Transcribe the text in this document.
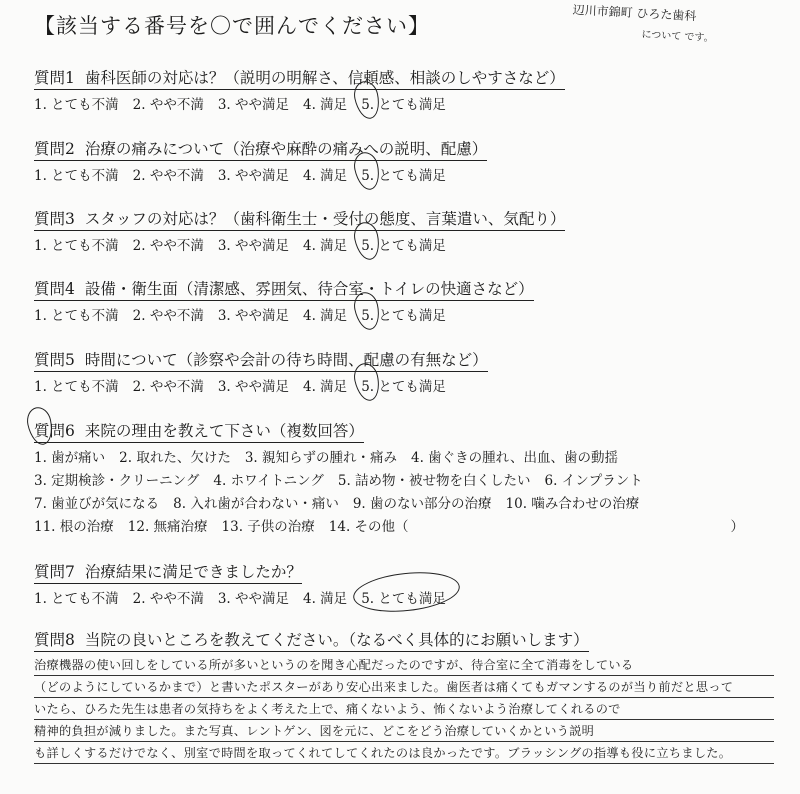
【該当する番号を〇で囲んでください】
辺川市錦町 ひろた歯科
について です。
質問1 歯科医師の対応は？（説明の明解さ、信頼感、相談のしやすさなど）
1. とても不満 2. やや不満 3. やや満足 4. 満足 5. とても満足
質問2 治療の痛みについて（治療や麻酔の痛みへの説明、配慮）
1. とても不満 2. やや不満 3. やや満足 4. 満足 5. とても満足
質問3 スタッフの対応は？（歯科衛生士・受付の態度、言葉遣い、気配り）
1. とても不満 2. やや不満 3. やや満足 4. 満足 5. とても満足
質問4 設備・衛生面（清潔感、雰囲気、待合室・トイレの快適さなど）
1. とても不満 2. やや不満 3. やや満足 4. 満足 5. とても満足
質問5 時間について（診察や会計の待ち時間、配慮の有無など）
1. とても不満 2. やや不満 3. やや満足 4. 満足 5. とても満足
質問6 来院の理由を教えて下さい（複数回答）
1. 歯が痛い 2. 取れた、欠けた 3. 親知らずの腫れ・痛み 4. 歯ぐきの腫れ、出血、歯の動揺
3. 定期検診・クリーニング 4. ホワイトニング 5. 詰め物・被せ物を白くしたい 6. インプラント
7. 歯並びが気になる 8. 入れ歯が合わない・痛い 9. 歯のない部分の治療 10. 噛み合わせの治療
11. 根の治療 12. 無痛治療 13. 子供の治療 14. その他（	）
質問7 治療結果に満足できましたか？
1. とても不満 2. やや不満 3. やや満足 4. 満足 5. とても満足
質問8 当院の良いところを教えてください。（なるべく具体的にお願いします）
治療機器の使い回しをしている所が多いというのを聞き心配だったのですが、待合室に全て消毒をしている
（どのようにしているかまで）と書いたポスターがあり安心出来ました。歯医者は痛くてもガマンするのが当り前だと思って
いたら、ひろた先生は患者の気持ちをよく考えた上で、痛くないよう、怖くないよう治療してくれるので
精神的負担が減りました。また写真、レントゲン、図を元に、どこをどう治療していくかという説明
も詳しくするだけでなく、別室で時間を取ってくれてしてくれたのは良かったです。ブラッシングの指導も役に立ちました。
